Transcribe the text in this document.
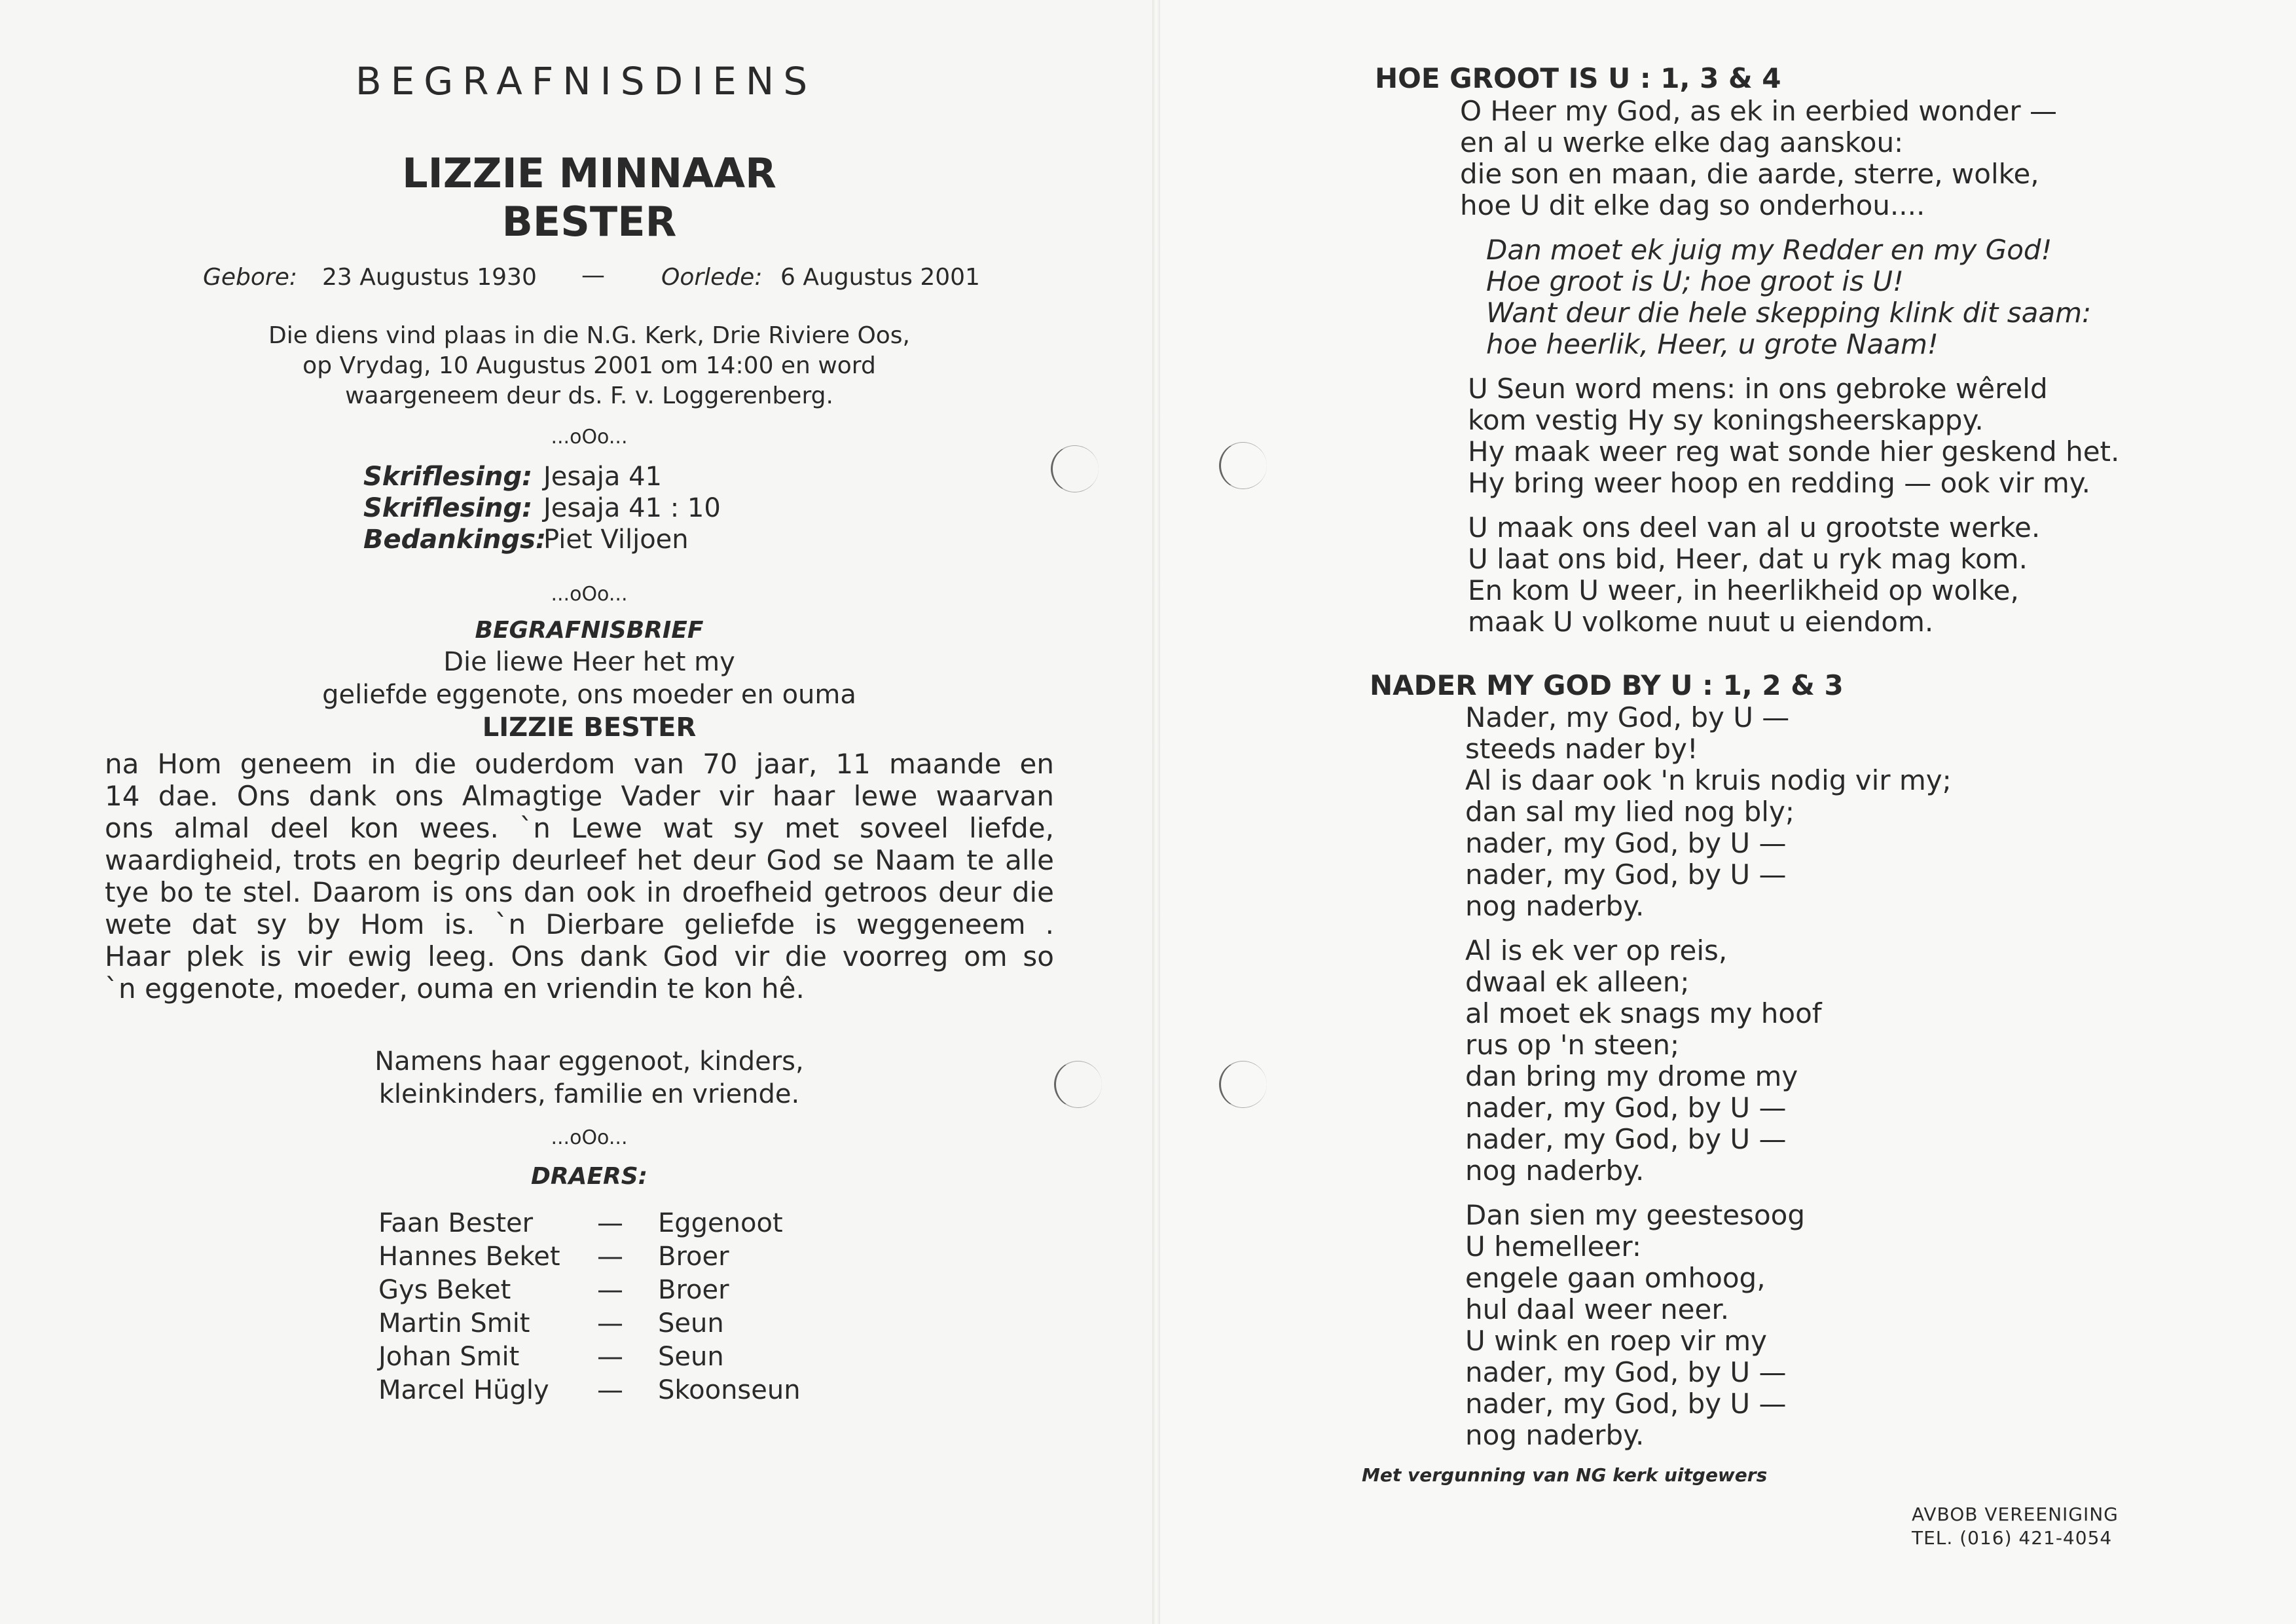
BEGRAFNISDIENS
LIZZIE MINNAAR
BESTER
Gebore: 23 Augustus 1930 — Oorlede: 6 Augustus 2001
Die diens vind plaas in die N.G. Kerk, Drie Riviere Oos,
op Vrydag, 10 Augustus 2001 om 14:00 en word
waargeneem deur ds. F. v. Loggerenberg.
...oOo...
Skriflesing: Jesaja 41
Skriflesing: Jesaja 41 : 10
Bedankings:
Piet Viljoen
...oOo...
BEGRAFNISBRIEF
Die liewe Heer het my
geliefde eggenote, ons moeder en ouma
LIZZIE BESTER
na Hom geneem in die ouderdom van 70 jaar, 11 maande en
14 dae. Ons dank ons Almagtige Vader vir haar lewe waarvan
ons almal deel kon wees. `n Lewe wat sy met soveel liefde,
waardigheid, trots en begrip deurleef het deur God se Naam te alle
tye bo te stel. Daarom is ons dan ook in droefheid getroos deur die
wete dat sy by Hom is. `n Dierbare geliefde is weggeneem .
Haar plek is vir ewig leeg. Ons dank God vir die voorreg om so
`n eggenote, moeder, ouma en vriendin te kon hê.
Namens haar eggenoot, kinders,
kleinkinders, familie en vriende.
...oOo...
DRAERS:
Faan Bester — Eggenoot
Hannes Beket — Broer
Gys Beket	— Broer
Martin Smit	— Seun
Johan Smit	— Seun
Marcel Hügly — Skoonseun
HOE GROOT IS U : 1, 3 & 4
O Heer my God, as ek in eerbied wonder —
en al u werke elke dag aanskou:
die son en maan, die aarde, sterre, wolke,
hoe U dit elke dag so onderhou....
Dan moet ek juig my Redder en my God!
Hoe groot is U; hoe groot is U!
Want deur die hele skepping klink dit saam:
hoe heerlik, Heer, u grote Naam!
U Seun word mens: in ons gebroke wêreld
kom vestig Hy sy koningsheerskappy.
Hy maak weer reg wat sonde hier geskend het.
Hy bring weer hoop en redding — ook vir my.
U maak ons deel van al u grootste werke.
U laat ons bid, Heer, dat u ryk mag kom.
En kom U weer, in heerlikheid op wolke,
maak U volkome nuut u eiendom.
NADER MY GOD BY U : 1, 2 & 3
Nader, my God, by U —
steeds nader by!
Al is daar ook 'n kruis nodig vir my;
dan sal my lied nog bly;
nader, my God, by U —
nader, my God, by U —
nog naderby.
Al is ek ver op reis,
dwaal ek alleen;
al moet ek snags my hoof
rus op 'n steen;
dan bring my drome my
nader, my God, by U —
nader, my God, by U —
nog naderby.
Dan sien my geestesoog
U hemelleer:
engele gaan omhoog,
hul daal weer neer.
U wink en roep vir my
nader, my God, by U —
nader, my God, by U —
nog naderby.
Met vergunning van NG kerk uitgewers
AVBOB VEREENIGING
TEL. (016) 421-4054
